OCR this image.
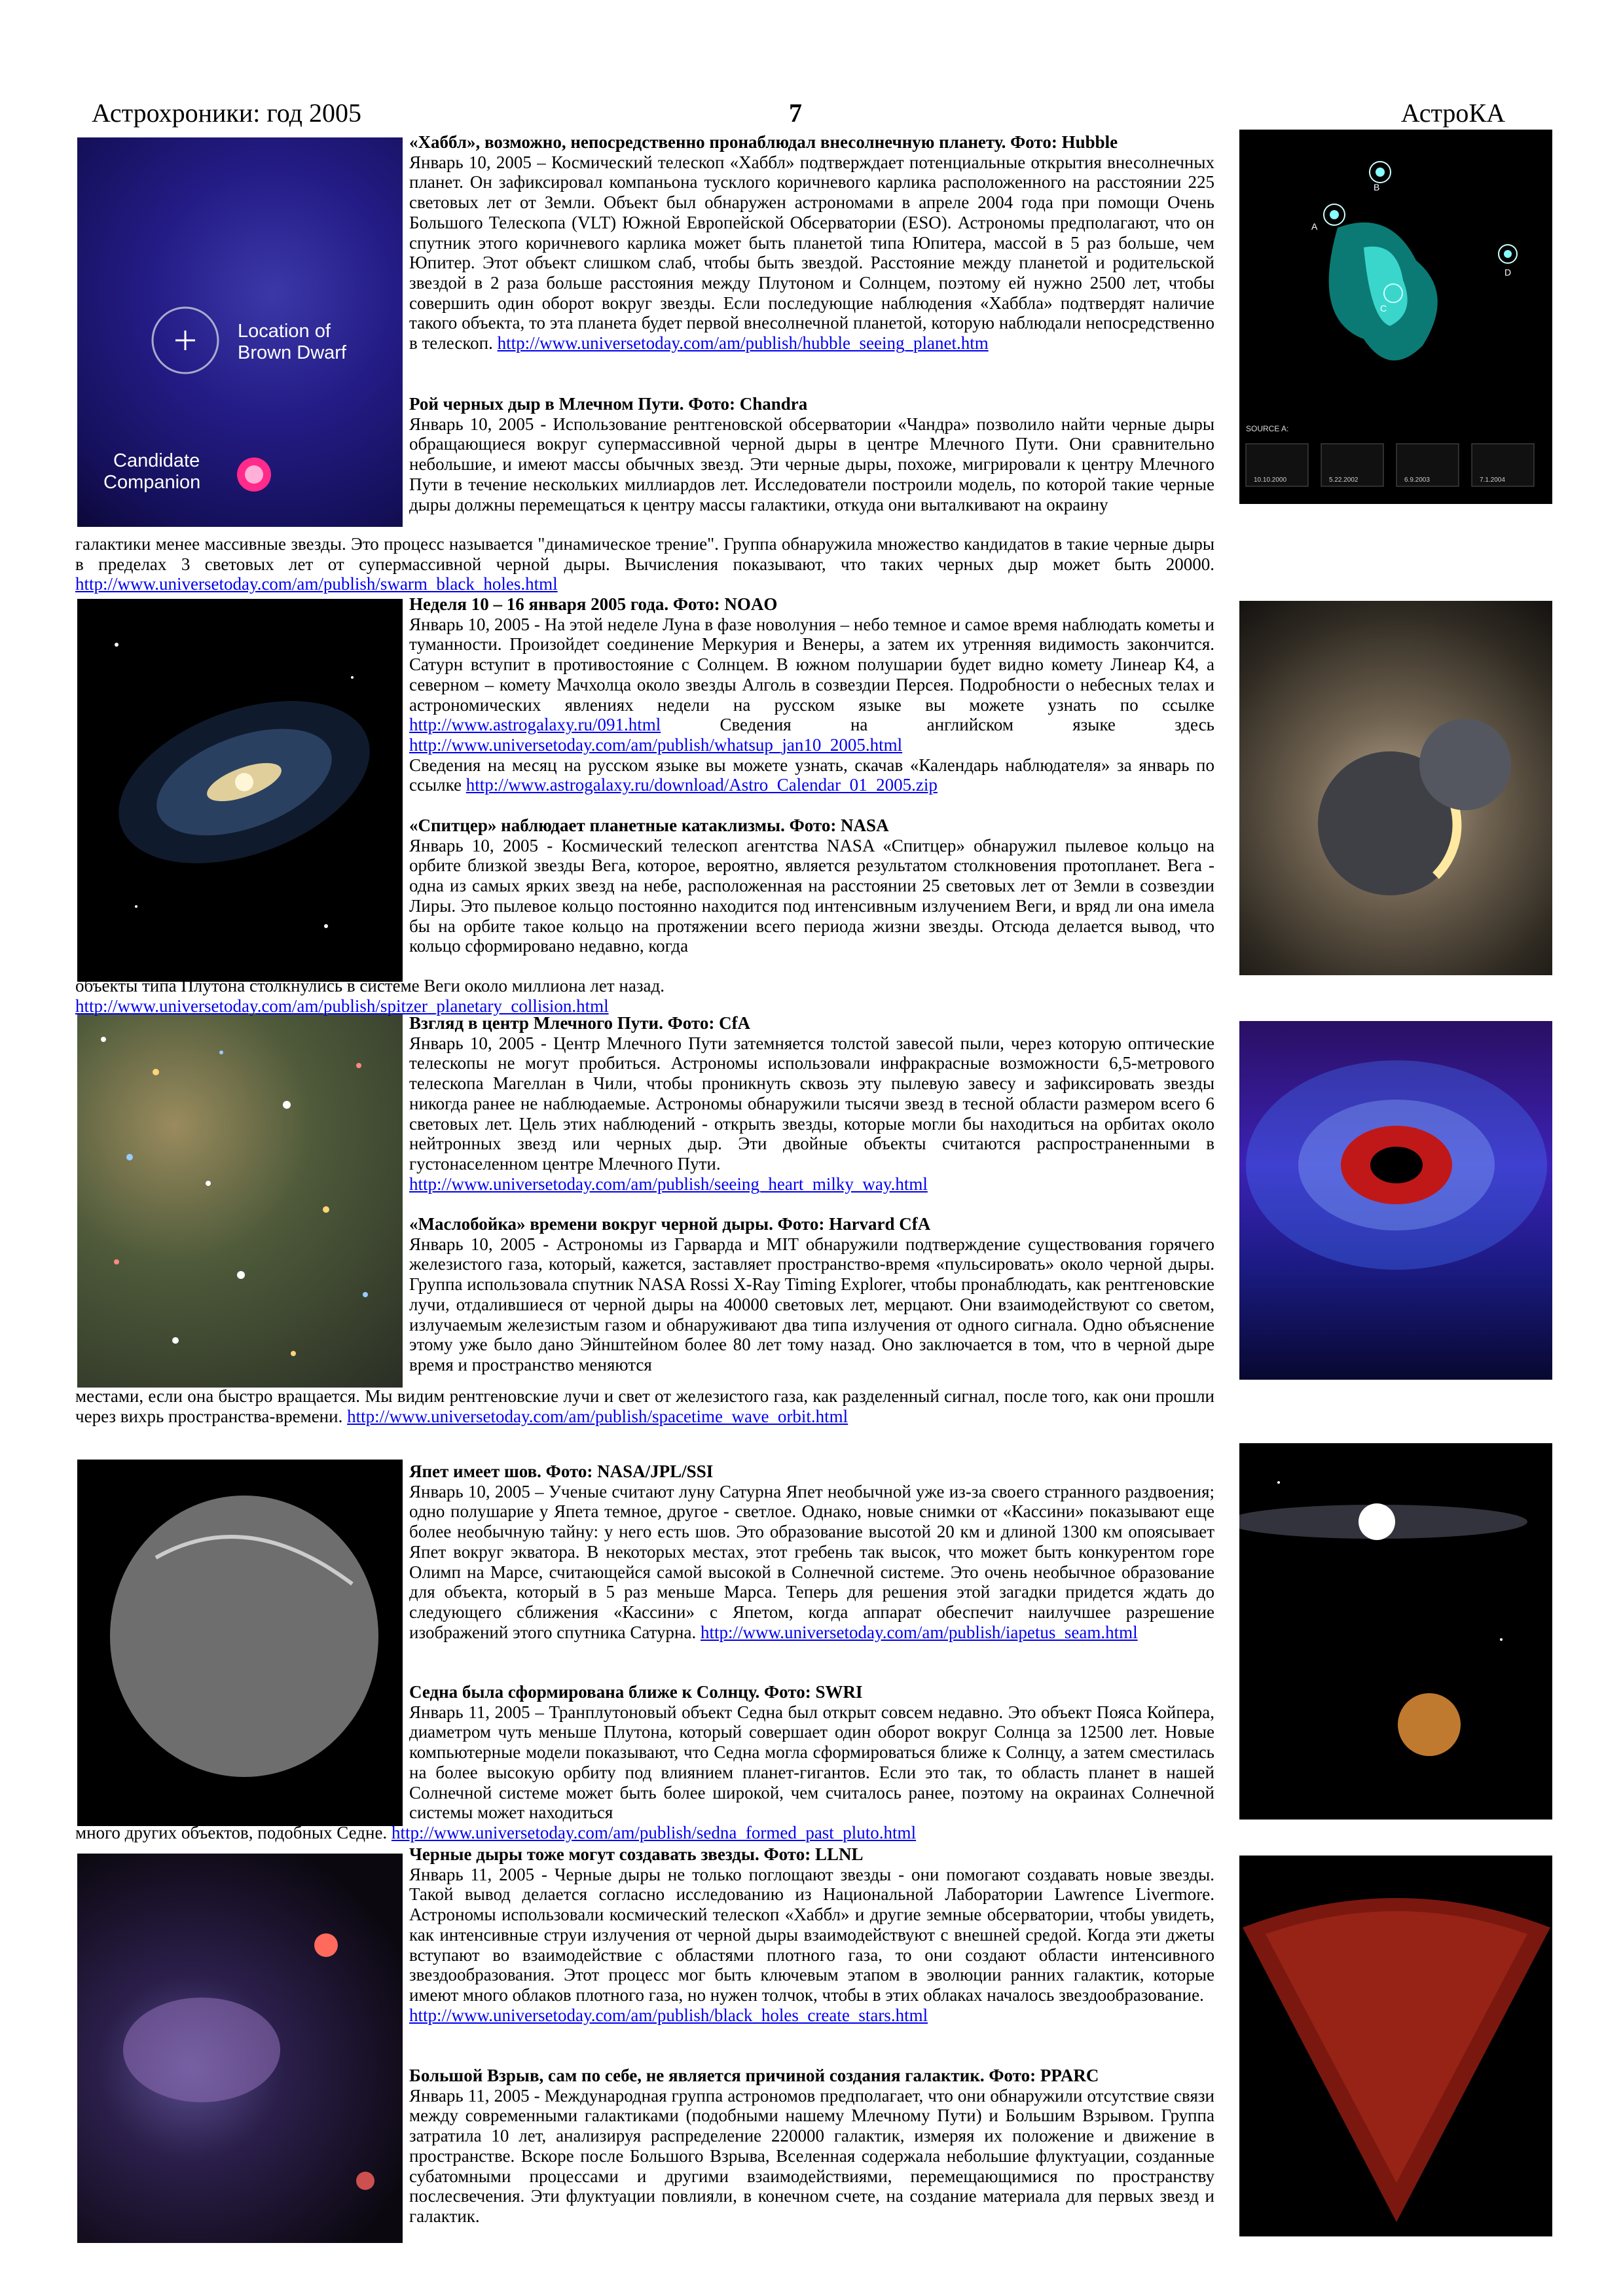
Астрохроники: год 2005	7	АстроКА
Location of
Brown Dwarf
Candidate
Companion
SOURCE A:
A
B
C
D
10.10.2000	5.22.2002	6.9.2003	7.1.2004
«Хаббл», возможно, непосредственно пронаблюдал внесолнечную планету. Фото: Hubble
Январь 10, 2005 – Космический телескоп «Хаббл» подтверждает потенциальные открытия внесолнечных планет. Он зафиксировал компаньона тусклого коричневого карлика расположенного на расстоянии 225 световых лет от Земли. Объект был обнаружен астрономами в апреле 2004 года при помощи Очень Большого Телескопа (VLT) Южной Европейской Обсерватории (ESO). Астрономы предполагают, что он спутник этого коричневого карлика может быть планетой типа Юпитера, массой в 5 раз больше, чем Юпитер. Этот объект слишком слаб, чтобы быть звездой. Расстояние между планетой и родительской звездой в 2 раза больше расстояния между Плутоном и Солнцем, поэтому ей нужно 2500 лет, чтобы совершить один оборот вокруг звезды. Если последующие наблюдения «Хаббла» подтвердят наличие такого объекта, то эта планета будет первой внесолнечной планетой, которую наблюдали непосредственно в телескоп. http://www.universetoday.com/am/publish/hubble_seeing_planet.htm
Рой черных дыр в Млечном Пути. Фото: Chandra
Январь 10, 2005 - Использование рентгеновской обсерватории «Чандра» позволило найти черные дыры обращающиеся вокруг супермассивной черной дыры в центре Млечного Пути. Они сравнительно небольшие, и имеют массы обычных звезд. Эти черные дыры, похоже, мигрировали к центру Млечного Пути в течение нескольких миллиардов лет. Исследователи построили модель, по которой такие черные дыры должны перемещаться к центру массы галактики, откуда они выталкивают на окраину
галактики менее массивные звезды. Это процесс называется "динамическое трение". Группа обнаружила множество кандидатов в такие черные дыры в пределах 3 световых лет от супермассивной черной дыры. Вычисления показывают, что таких черных дыр может быть 20000. http://www.universetoday.com/am/publish/swarm_black_holes.html
Неделя 10 – 16 января 2005 года. Фото: NOAO
Январь 10, 2005 - На этой неделе Луна в фазе новолуния – небо темное и самое время наблюдать кометы и туманности. Произойдет соединение Меркурия и Венеры, а затем их утренняя видимость закончится. Сатурн вступит в противостояние с Солнцем. В южном полушарии будет видно комету Линеар К4, а северном – комету Мачхолца около звезды Алголь в созвездии Персея. Подробности о небесных телах и астрономических явлениях недели на русском языке вы можете узнать по ссылке http://www.astrogalaxy.ru/091.html	Сведения на английском языке здесь http://www.universetoday.com/am/publish/whatsup_jan10_2005.html
Сведения на месяц на русском языке вы можете узнать, скачав «Календарь наблюдателя» за январь по ссылке http://www.astrogalaxy.ru/download/Astro_Calendar_01_2005.zip
«Спитцер» наблюдает планетные катаклизмы. Фото: NASA
Январь 10, 2005 - Космический телескоп агентства NASA «Спитцер» обнаружил пылевое кольцо на орбите близкой звезды Вега, которое, вероятно, является результатом столкновения протопланет. Вега - одна из самых ярких звезд на небе, расположенная на расстоянии 25 световых лет от Земли в созвездии Лиры. Это пылевое кольцо постоянно находится под интенсивным излучением Веги, и вряд ли она имела бы на орбите такое кольцо на протяжении всего периода жизни звезды. Отсюда делается вывод, что кольцо сформировано недавно, когда
объекты типа Плутона столкнулись в системе Веги около миллиона лет назад.
http://www.universetoday.com/am/publish/spitzer_planetary_collision.html
Взгляд в центр Млечного Пути. Фото: CfA
Январь 10, 2005 - Центр Млечного Пути затемняется толстой завесой пыли, через которую оптические телескопы не могут пробиться. Астрономы использовали инфракрасные возможности 6,5-метрового телескопа Магеллан в Чили, чтобы проникнуть сквозь эту пылевую завесу и зафиксировать звезды никогда ранее не наблюдаемые. Астрономы обнаружили тысячи звезд в тесной области размером всего 6 световых лет. Цель этих наблюдений - открыть звезды, которые могли бы находиться на орбитах около нейтронных звезд или черных дыр. Эти двойные объекты считаются распространенными в густонаселенном центре Млечного Пути.
http://www.universetoday.com/am/publish/seeing_heart_milky_way.html
«Маслобойка» времени вокруг черной дыры. Фото: Harvard CfA
Январь 10, 2005 - Астрономы из Гарварда и MIT обнаружили подтверждение существования горячего железистого газа, который, кажется, заставляет пространство-время «пульсировать» около черной дыры. Группа использовала спутник NASA Rossi X-Ray Timing Explorer, чтобы пронаблюдать, как рентгеновские лучи, отдалившиеся от черной дыры на 40000 световых лет, мерцают. Они взаимодействуют со светом, излучаемым железистым газом и обнаруживают два типа излучения от одного сигнала. Одно объяснение этому уже было дано Эйнштейном более 80 лет тому назад. Оно заключается в том, что в черной дыре время и пространство меняются
местами, если она быстро вращается. Мы видим рентгеновские лучи и свет от железистого газа, как разделенный сигнал, после того, как они прошли через вихрь пространства-времени. http://www.universetoday.com/am/publish/spacetime_wave_orbit.html
Япет имеет шов. Фото: NASA/JPL/SSI
Январь 10, 2005 – Ученые считают луну Сатурна Япет необычной уже из-за своего странного раздвоения; одно полушарие у Япета темное, другое - светлое. Однако, новые снимки от «Кассини» показывают еще более необычную тайну: у него есть шов. Это образование высотой 20 км и длиной 1300 км опоясывает Япет вокруг экватора. В некоторых местах, этот гребень так высок, что может быть конкурентом горе Олимп на Марсе, считающейся самой высокой в Солнечной системе. Это очень необычное образование для объекта, который в 5 раз меньше Марса. Теперь для решения этой загадки придется ждать до следующего сближения «Кассини» с Япетом, когда аппарат обеспечит наилучшее разрешение изображений этого спутника Сатурна. http://www.universetoday.com/am/publish/iapetus_seam.html
Седна была сформирована ближе к Солнцу. Фото: SWRI
Январь 11, 2005 – Транплутоновый объект Седна был открыт совсем недавно. Это объект Пояса Койпера, диаметром чуть меньше Плутона, который совершает один оборот вокруг Солнца за 12500 лет. Новые компьютерные модели показывают, что Седна могла сформироваться ближе к Солнцу, а затем сместилась на более высокую орбиту под влиянием планет-гигантов. Если это так, то область планет в нашей Солнечной системе может быть более широкой, чем считалось ранее, поэтому на окраинах Солнечной системы может находиться
много других объектов, подобных Седне. http://www.universetoday.com/am/publish/sedna_formed_past_pluto.html
Черные дыры тоже могут создавать звезды. Фото: LLNL
Январь 11, 2005 - Черные дыры не только поглощают звезды - они помогают создавать новые звезды. Такой вывод делается согласно исследованию из Национальной Лаборатории Lawrence Livermore. Астрономы использовали космический телескоп «Хаббл» и другие земные обсерватории, чтобы увидеть, как интенсивные струи излучения от черной дыры взаимодействуют с внешней средой. Когда эти джеты вступают во взаимодействие с областями плотного газа, то они создают области интенсивного звездообразования. Этот процесс мог быть ключевым этапом в эволюции ранних галактик, которые имеют много облаков плотного газа, но нужен толчок, чтобы в этих облаках началось звездообразование.
http://www.universetoday.com/am/publish/black_holes_create_stars.html
Большой Взрыв, сам по себе, не является причиной создания галактик. Фото: PPARC
Январь 11, 2005 - Международная группа астрономов предполагает, что они обнаружили отсутствие связи между современными галактиками (подобными нашему Млечному Пути) и Большим Взрывом. Группа затратила 10 лет, анализируя распределение 220000 галактик, измеряя их положение и движение в пространстве. Вскоре после Большого Взрыва, Вселенная содержала небольшие флуктуации, созданные субатомными процессами и другими взаимодействиями, перемещающимися по пространству послесвечения. Эти флуктуации повлияли, в конечном счете, на создание материала для первых звезд и галактик.
